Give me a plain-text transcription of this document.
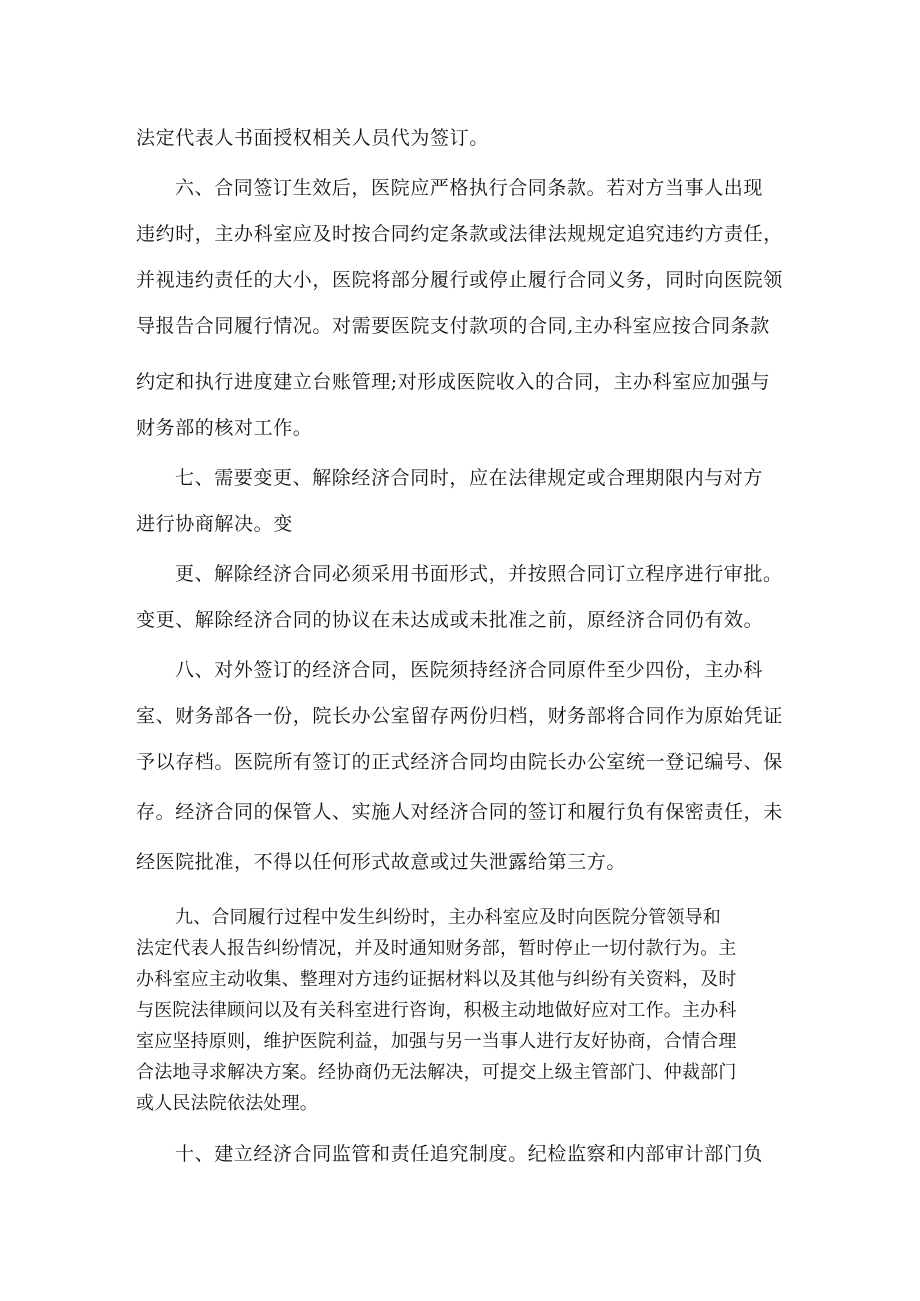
法定代表人书面授权相关人员代为签订。
六、合同签订生效后，医院应严格执行合同条款。若对方当事人出现
违约时，主办科室应及时按合同约定条款或法律法规规定追究违约方责任，
并视违约责任的大小，医院将部分履行或停止履行合同义务，同时向医院领
导报告合同履行情况。对需要医院支付款项的合同,主办科室应按合同条款
约定和执行进度建立台账管理;对形成医院收入的合同，主办科室应加强与
财务部的核对工作。
七、需要变更、解除经济合同时，应在法律规定或合理期限内与对方
进行协商解决。变
更、解除经济合同必须采用书面形式，并按照合同订立程序进行审批。
变更、解除经济合同的协议在未达成或未批准之前，原经济合同仍有效。
八、对外签订的经济合同，医院须持经济合同原件至少四份，主办科
室、财务部各一份，院长办公室留存两份归档，财务部将合同作为原始凭证
予以存档。医院所有签订的正式经济合同均由院长办公室统一登记编号、保
存。经济合同的保管人、实施人对经济合同的签订和履行负有保密责任，未
经医院批准，不得以任何形式故意或过失泄露给第三方。
九、合同履行过程中发生纠纷时，主办科室应及时向医院分管领导和
法定代表人报告纠纷情况，并及时通知财务部，暂时停止一切付款行为。主
办科室应主动收集、整理对方违约证据材料以及其他与纠纷有关资料，及时
与医院法律顾问以及有关科室进行咨询，积极主动地做好应对工作。主办科
室应坚持原则，维护医院利益，加强与另一当事人进行友好协商，合情合理
合法地寻求解决方案。经协商仍无法解决，可提交上级主管部门、仲裁部门
或人民法院依法处理。
十、建立经济合同监管和责任追究制度。纪检监察和内部审计部门负
